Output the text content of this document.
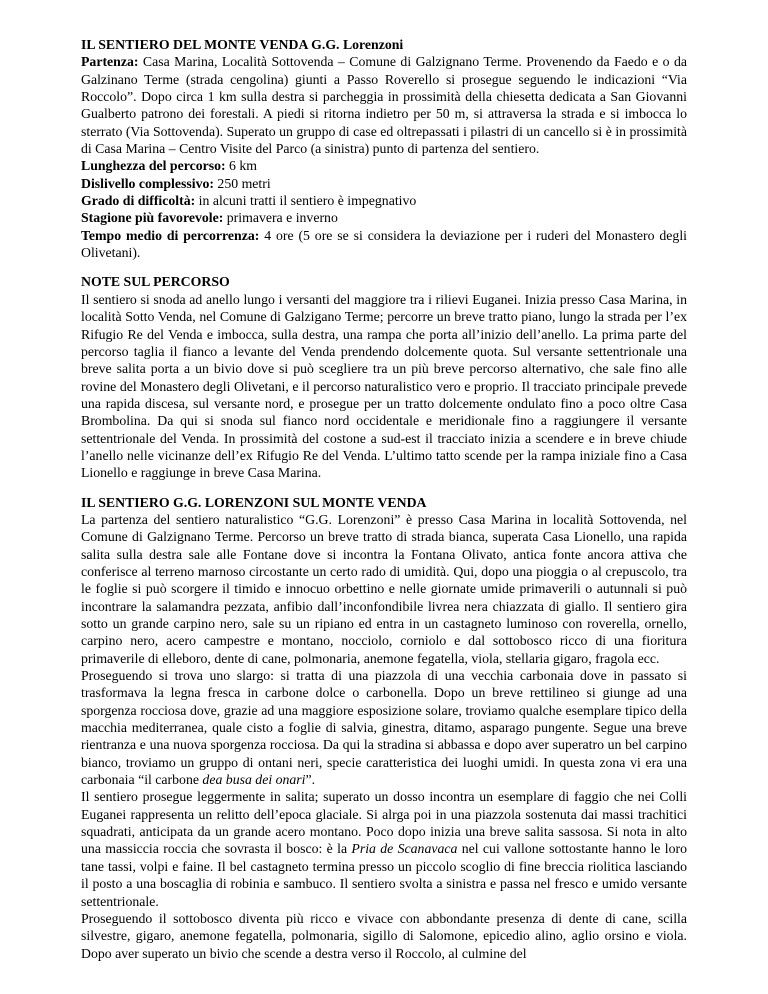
IL SENTIERO DEL MONTE VENDA G.G. Lorenzoni

Partenza: Casa Marina, Località Sottovenda – Comune di Galzignano Terme. Provenendo da Faedo e o da Galzinano Terme (strada cengolina) giunti a Passo Roverello si prosegue seguendo le indicazioni “Via Roccolo”. Dopo circa 1 km sulla destra si parcheggia in prossimità della chiesetta dedicata a San Giovanni Gualberto patrono dei forestali. A piedi si ritorna indietro per 50 m, si attraversa la strada e si imbocca lo sterrato (Via Sottovenda). Superato un gruppo di case ed oltrepassati i pilastri di un cancello si è in prossimità di Casa Marina – Centro Visite del Parco (a sinistra) punto di partenza del sentiero.

Lunghezza del percorso: 6 km

Dislivello complessivo: 250 metri

Grado di difficoltà: in alcuni tratti il sentiero è impegnativo

Stagione più favorevole: primavera e inverno

Tempo medio di percorrenza: 4 ore (5 ore se si considera la deviazione per i ruderi del Monastero degli Olivetani).

NOTE SUL PERCORSO

Il sentiero si snoda ad anello lungo i versanti del maggiore tra i rilievi Euganei. Inizia presso Casa Marina, in località Sotto Venda, nel Comune di Galzigano Terme; percorre un breve tratto piano, lungo la strada per l’ex Rifugio Re del Venda e imbocca, sulla destra, una rampa che porta all’inizio dell’anello. La prima parte del percorso taglia il fianco a levante del Venda prendendo dolcemente quota. Sul versante settentrionale una breve salita porta a un bivio dove si può scegliere tra un più breve percorso alternativo, che sale fino alle rovine del Monastero degli Olivetani, e il percorso naturalistico vero e proprio. Il tracciato principale prevede una rapida discesa, sul versante nord, e prosegue per un tratto dolcemente ondulato fino a poco oltre Casa Brombolina. Da qui si snoda sul fianco nord occidentale e meridionale fino a raggiungere il versante settentrionale del Venda. In prossimità del costone a sud-est il tracciato inizia a scendere e in breve chiude l’anello nelle vicinanze dell’ex Rifugio Re del Venda. L’ultimo tatto scende per la rampa iniziale fino a Casa Lionello e raggiunge in breve Casa Marina.

IL SENTIERO G.G. LORENZONI SUL MONTE VENDA

La partenza del sentiero naturalistico “G.G. Lorenzoni” è presso Casa Marina in località Sottovenda, nel Comune di Galzignano Terme. Percorso un breve tratto di strada bianca, superata Casa Lionello, una rapida salita sulla destra sale alle Fontane dove si incontra la Fontana Olivato, antica fonte ancora attiva che conferisce al terreno marnoso circostante un certo rado di umidità. Qui, dopo una pioggia o al crepuscolo, tra le foglie si può scorgere il timido e innocuo orbettino e nelle giornate umide primaverili o autunnali si può incontrare la salamandra pezzata, anfibio dall’inconfondibile livrea nera chiazzata di giallo. Il sentiero gira sotto un grande carpino nero, sale su un ripiano ed entra in un castagneto luminoso con roverella, ornello, carpino nero, acero campestre e montano, nocciolo, corniolo e dal sottobosco ricco di una fioritura primaverile di elleboro, dente di cane, polmonaria, anemone fegatella, viola, stellaria gigaro, fragola ecc.

Proseguendo si trova uno slargo: si tratta di una piazzola di una vecchia carbonaia dove in passato si trasformava la legna fresca in carbone dolce o carbonella. Dopo un breve rettilineo si giunge ad una sporgenza rocciosa dove, grazie ad una maggiore esposizione solare, troviamo qualche esemplare tipico della macchia mediterranea, quale cisto a foglie di salvia, ginestra, ditamo, asparago pungente. Segue una breve rientranza e una nuova sporgenza rocciosa. Da qui la stradina si abbassa e dopo aver superatro un bel carpino bianco, troviamo un gruppo di ontani neri, specie caratteristica dei luoghi umidi. In questa zona vi era una carbonaia “il carbone dea busa dei onari”.

Il sentiero prosegue leggermente in salita; superato un dosso incontra un esemplare di faggio che nei Colli Euganei rappresenta un relitto dell’epoca glaciale. Si alrga poi in una piazzola sostenuta dai massi trachitici squadrati, anticipata da un grande acero montano. Poco dopo inizia una breve salita sassosa. Si nota in alto una massiccia roccia che sovrasta il bosco: è la Pria de Scanavaca nel cui vallone sottostante hanno le loro tane tassi, volpi e faine. Il bel castagneto termina presso un piccolo scoglio di fine breccia riolitica lasciando il posto a una boscaglia di robinia e sambuco. Il sentiero svolta a sinistra e passa nel fresco e umido versante settentrionale.

Proseguendo il sottobosco diventa più ricco e vivace con abbondante presenza di dente di cane, scilla silvestre, gigaro, anemone fegatella, polmonaria, sigillo di Salomone, epicedio alino, aglio orsino e viola. Dopo aver superato un bivio che scende a destra verso il Roccolo, al culmine del
